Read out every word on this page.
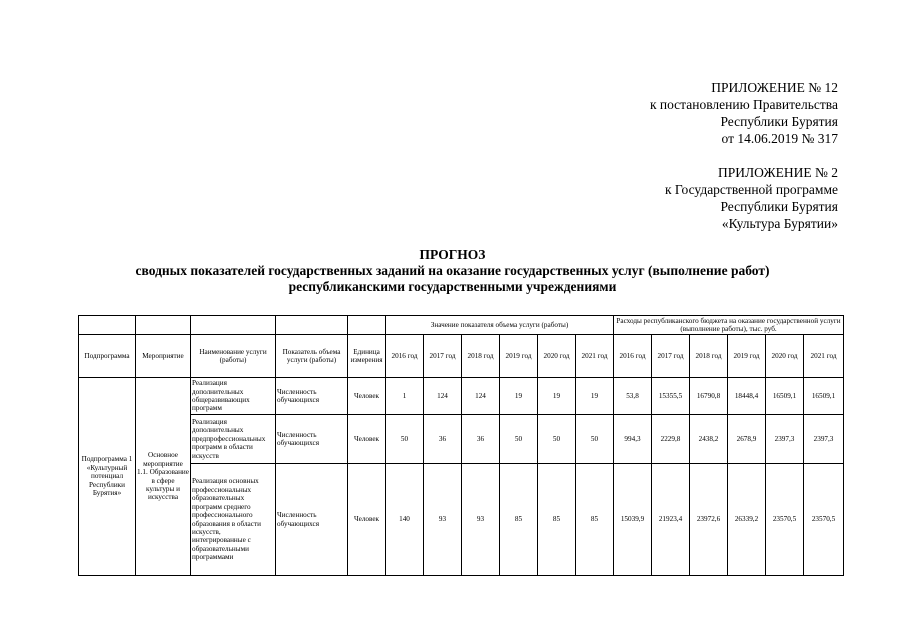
ПРИЛОЖЕНИЕ № 12
к постановлению Правительства
Республики Бурятия
от 14.06.2019 № 317
ПРИЛОЖЕНИЕ № 2
к Государственной программе
Республики Бурятия
«Культура Бурятии»
ПРОГНОЗ
сводных показателей государственных заданий на оказание государственных услуг (выполнение работ)
республиканскими государственными учреждениями
					Значение показателя объема услуги (работы)						Расходы республиканского бюджета на оказание государственной услуги (выполнение работы), тыс. руб.					
Подпрограмма	Мероприятие	Наименование услуги (работы)	Показатель объема услуги (работы)	Единица измерения	2016 год	2017 год	2018 год	2019 год	2020 год	2021 год	2016 год	2017 год	2018 год	2019 год	2020 год	2021 год
Подпрограмма 1 «Культурный потенциал Республики Бурятия»	Основное мероприятие 1.1. Образование в сфере культуры и искусства	Реализация дополнительных общеразвивающих программ	Численность обучающихся	Человек	1	124	124	19	19	19	53,8	15355,5	16790,8	18448,4	16509,1	16509,1
		Реализация дополнительных предпрофессиональных программ в области искусств	Численность обучающихся	Человек	50	36	36	50	50	50	994,3	2229,8	2438,2	2678,9	2397,3	2397,3
		Реализация основных профессиональных образовательных программ среднего профессионального образования в области искусств, интегрированные с образовательными программами	Численность обучающихся	Человек	140	93	93	85	85	85	15039,9	21923,4	23972,6	26339,2	23570,5	23570,5
